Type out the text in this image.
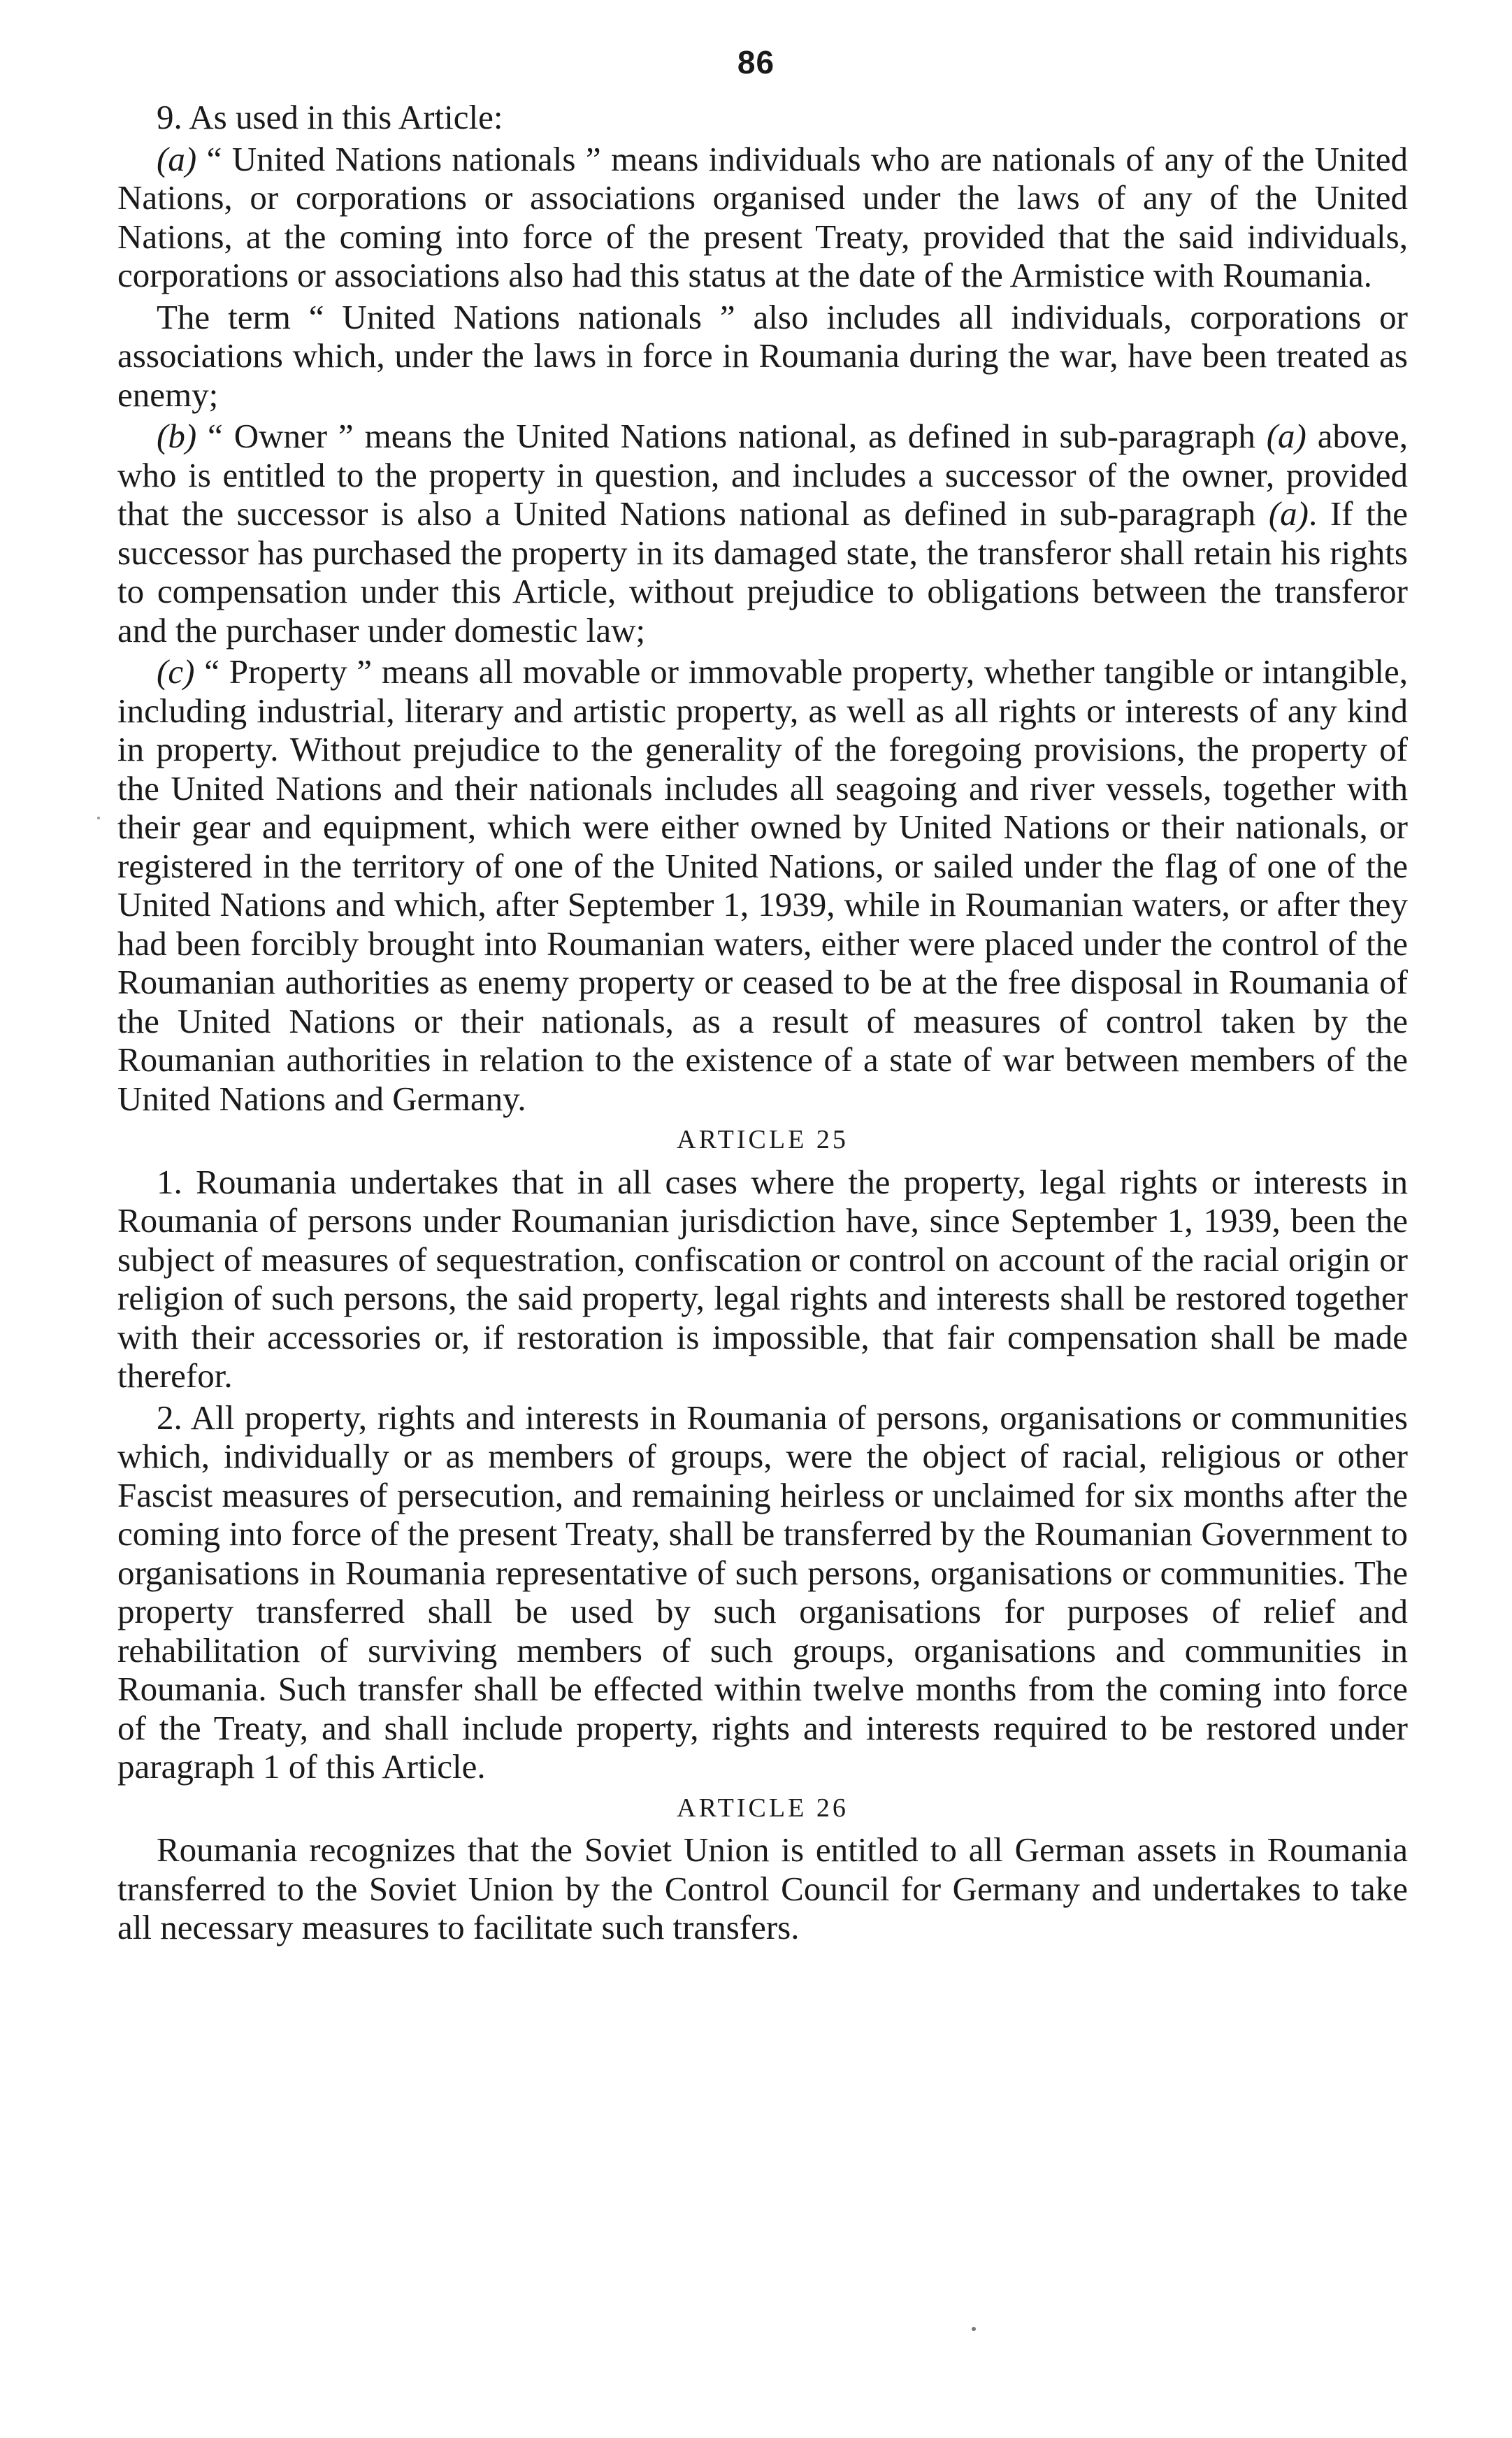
86

9. As used in this Article:

(a) “ United Nations nationals ” means individuals who are nationals of any of the United Nations, or corporations or associations organised under the laws of any of the United Nations, at the coming into force of the present Treaty, provided that the said individuals, corporations or associations also had this status at the date of the Armistice with Roumania.

The term “ United Nations nationals ” also includes all individuals, corporations or associations which, under the laws in force in Roumania during the war, have been treated as enemy;

(b) “ Owner ” means the United Nations national, as defined in sub-paragraph (a) above, who is entitled to the property in question, and includes a successor of the owner, provided that the successor is also a United Nations national as defined in sub-paragraph (a). If the successor has purchased the property in its damaged state, the transferor shall retain his rights to compensation under this Article, without prejudice to obligations between the transferor and the purchaser under domestic law;

(c) “ Property ” means all movable or immovable property, whether tangible or intangible, including industrial, literary and artistic property, as well as all rights or interests of any kind in property. Without prejudice to the generality of the foregoing provisions, the property of the United Nations and their nationals includes all seagoing and river vessels, together with their gear and equipment, which were either owned by United Nations or their nationals, or registered in the territory of one of the United Nations, or sailed under the flag of one of the United Nations and which, after September 1, 1939, while in Roumanian waters, or after they had been forcibly brought into Roumanian waters, either were placed under the control of the Roumanian authorities as enemy property or ceased to be at the free disposal in Roumania of the United Nations or their nationals, as a result of measures of control taken by the Roumanian authorities in relation to the existence of a state of war between members of the United Nations and Germany.

ARTICLE 25

1. Roumania undertakes that in all cases where the property, legal rights or interests in Roumania of persons under Roumanian jurisdiction have, since September 1, 1939, been the subject of measures of sequestration, confiscation or control on account of the racial origin or religion of such persons, the said property, legal rights and interests shall be restored together with their accessories or, if restoration is impossible, that fair compensation shall be made therefor.

2. All property, rights and interests in Roumania of persons, organisations or communities which, individually or as members of groups, were the object of racial, religious or other Fascist measures of persecution, and remaining heirless or unclaimed for six months after the coming into force of the present Treaty, shall be transferred by the Roumanian Government to organisations in Roumania representative of such persons, organisations or communities. The property transferred shall be used by such organisations for purposes of relief and rehabilitation of surviving members of such groups, organisations and communities in Roumania. Such transfer shall be effected within twelve months from the coming into force of the Treaty, and shall include property, rights and interests required to be restored under paragraph 1 of this Article.

ARTICLE 26

Roumania recognizes that the Soviet Union is entitled to all German assets in Roumania transferred to the Soviet Union by the Control Council for Germany and undertakes to take all necessary measures to facilitate such transfers.
